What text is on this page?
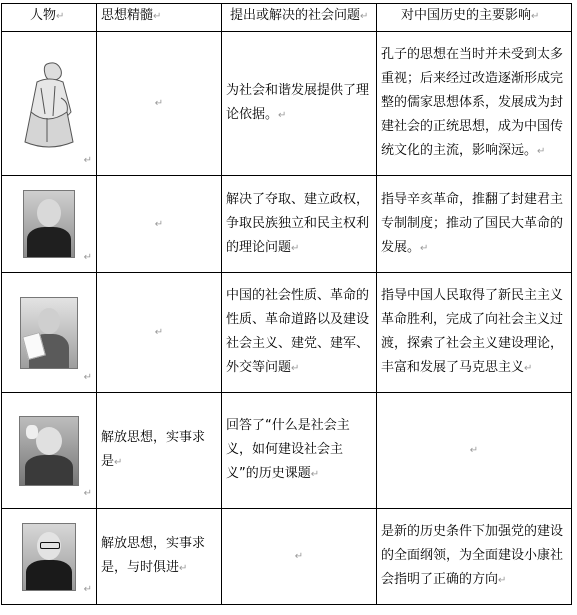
人物↵	思想精髓↵	提出或解决的社会问题↵	对中国历史的主要影响↵

↵	↵	为社会和谐发展提供了理论依据。↵	孔子的思想在当时并未受到太多重视；后来经过改造逐渐形成完整的儒家思想体系，发展成为封建社会的正统思想，成为中国传统文化的主流，影响深远。↵

↵	↵	解决了夺取、建立政权，争取民族独立和民主权利的理论问题↵	指导辛亥革命，推翻了封建君主专制制度；推动了国民大革命的发展。↵

↵	↵	中国的社会性质、革命的性质、革命道路以及建设社会主义、建党、建军、外交等问题↵	指导中国人民取得了新民主主义革命胜利，完成了向社会主义过渡，探索了社会主义建设理论，丰富和发展了马克思主义↵

↵	解放思想，实事求是↵	回答了“什么是社会主义，如何建设社会主义”的历史课题↵	↵

↵	解放思想，实事求是，与时俱进↵	↵	是新的历史条件下加强党的建设的全面纲领，为全面建设小康社会指明了正确的方向↵
